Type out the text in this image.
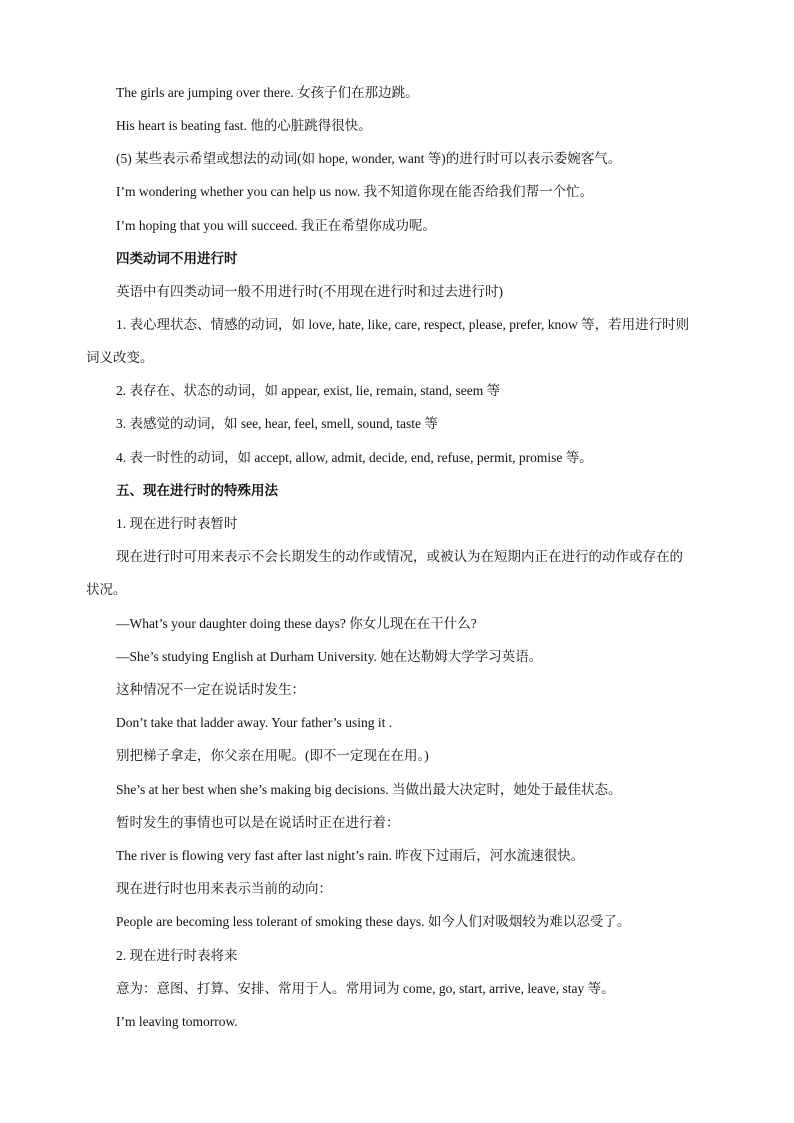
The girls are jumping over there. 女孩子们在那边跳。
His heart is beating fast. 他的心脏跳得很快。
(5) 某些表示希望或想法的动词(如 hope, wonder, want 等)的进行时可以表示委婉客气。
I’m wondering whether you can help us now. 我不知道你现在能否给我们帮一个忙。
I’m hoping that you will succeed. 我正在希望你成功呢。
四类动词不用进行时
英语中有四类动词一般不用进行时(不用现在进行时和过去进行时)
1. 表心理状态、情感的动词，如 love, hate, like, care, respect, please, prefer, know 等，若用进行时则
词义改变。
2. 表存在、状态的动词，如 appear, exist, lie, remain, stand, seem 等
3. 表感觉的动词，如 see, hear, feel, smell, sound, taste 等
4. 表一时性的动词，如 accept, allow, admit, decide, end, refuse, permit, promise 等。
五、现在进行时的特殊用法
1. 现在进行时表暂时
现在进行时可用来表示不会长期发生的动作或情况，或被认为在短期内正在进行的动作或存在的
状况。
—What’s your daughter doing these days? 你女儿现在在干什么?
—She’s studying English at Durham University. 她在达勒姆大学学习英语。
这种情况不一定在说话时发生：
Don’t take that ladder away. Your father’s using it .
别把梯子拿走，你父亲在用呢。(即不一定现在在用。)
She’s at her best when she’s making big decisions. 当做出最大决定时，她处于最佳状态。
暂时发生的事情也可以是在说话时正在进行着：
The river is flowing very fast after last night’s rain. 昨夜下过雨后，河水流速很快。
现在进行时也用来表示当前的动向：
People are becoming less tolerant of smoking these days. 如今人们对吸烟较为难以忍受了。
2. 现在进行时表将来
意为：意图、打算、安排、常用于人。常用词为 come, go, start, arrive, leave, stay 等。
I’m leaving tomorrow.
